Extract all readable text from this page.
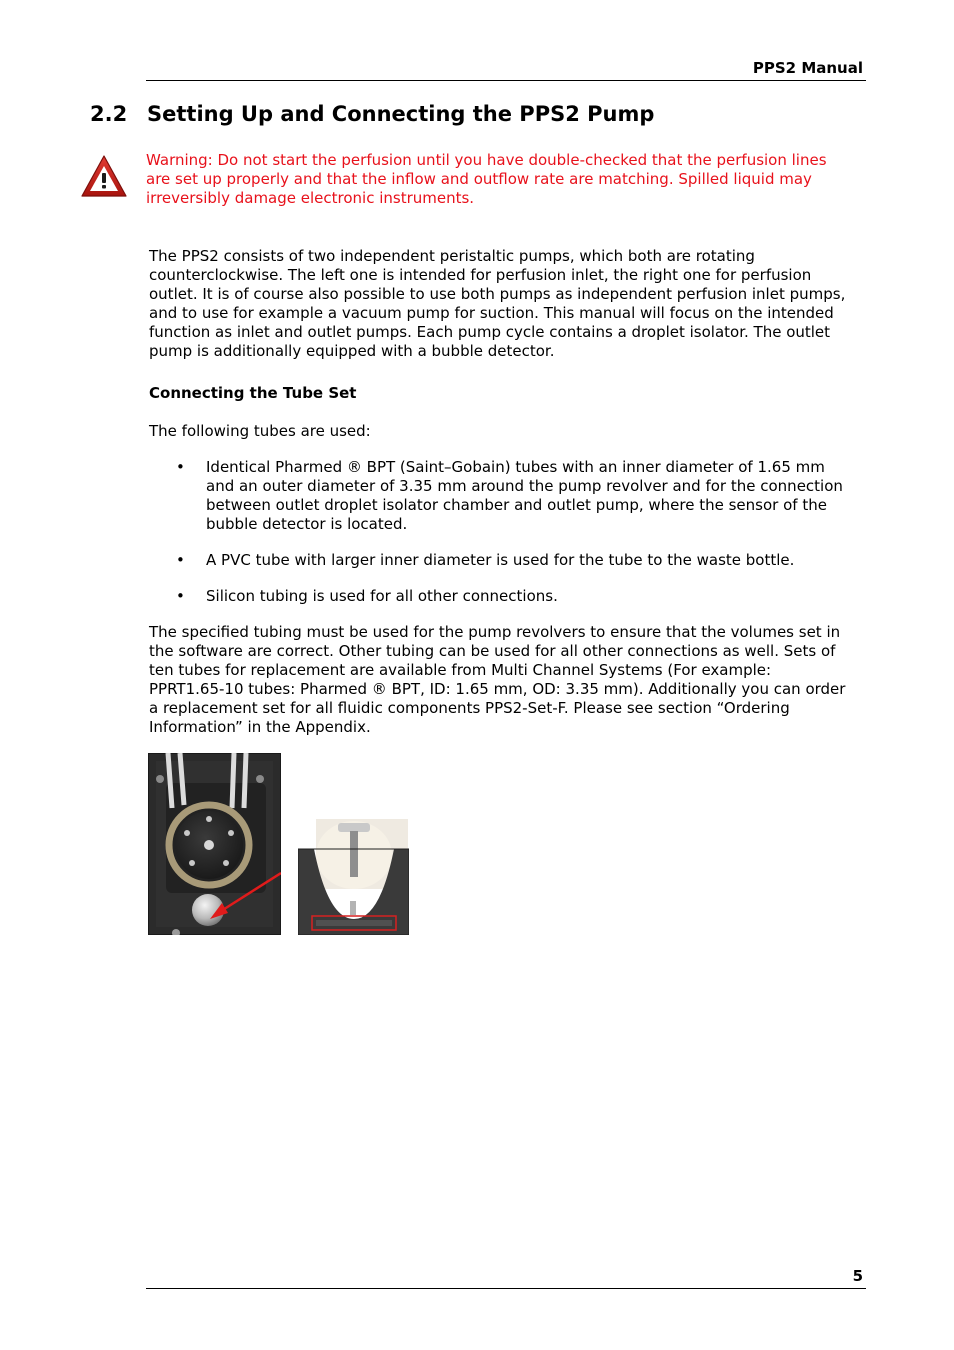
PPS2 Manual
2.2 Setting Up and Connecting the PPS2 Pump
Warning: Do not start the perfusion until you have double-checked that the perfusion lines are set up properly and that the inflow and outflow rate are matching. Spilled liquid may irreversibly damage electronic instruments.

The PPS2 consists of two independent peristaltic pumps, which both are rotating counterclockwise. The left one is intended for perfusion inlet, the right one for perfusion outlet. It is of course also possible to use both pumps as independent perfusion inlet pumps, and to use for example a vacuum pump for suction. This manual will focus on the intended function as inlet and outlet pumps. Each pump cycle contains a droplet isolator. The outlet pump is additionally equipped with a bubble detector.

Connecting the Tube Set

The following tubes are used:

• Identical Pharmed ® BPT (Saint–Gobain) tubes with an inner diameter of 1.65 mm and an outer diameter of 3.35 mm around the pump revolver and for the connection between outlet droplet isolator chamber and outlet pump, where the sensor of the bubble detector is located.
• A PVC tube with larger inner diameter is used for the tube to the waste bottle.
• Silicon tubing is used for all other connections.

The specified tubing must be used for the pump revolvers to ensure that the volumes set in the software are correct. Other tubing can be used for all other connections as well. Sets of ten tubes for replacement are available from Multi Channel Systems (For example: PPRT1.65-10 tubes: Pharmed ® BPT, ID: 1.65 mm, OD: 3.35 mm). Additionally you can order a replacement set for all fluidic components PPS2-Set-F. Please see section “Ordering Information” in the Appendix.

5
